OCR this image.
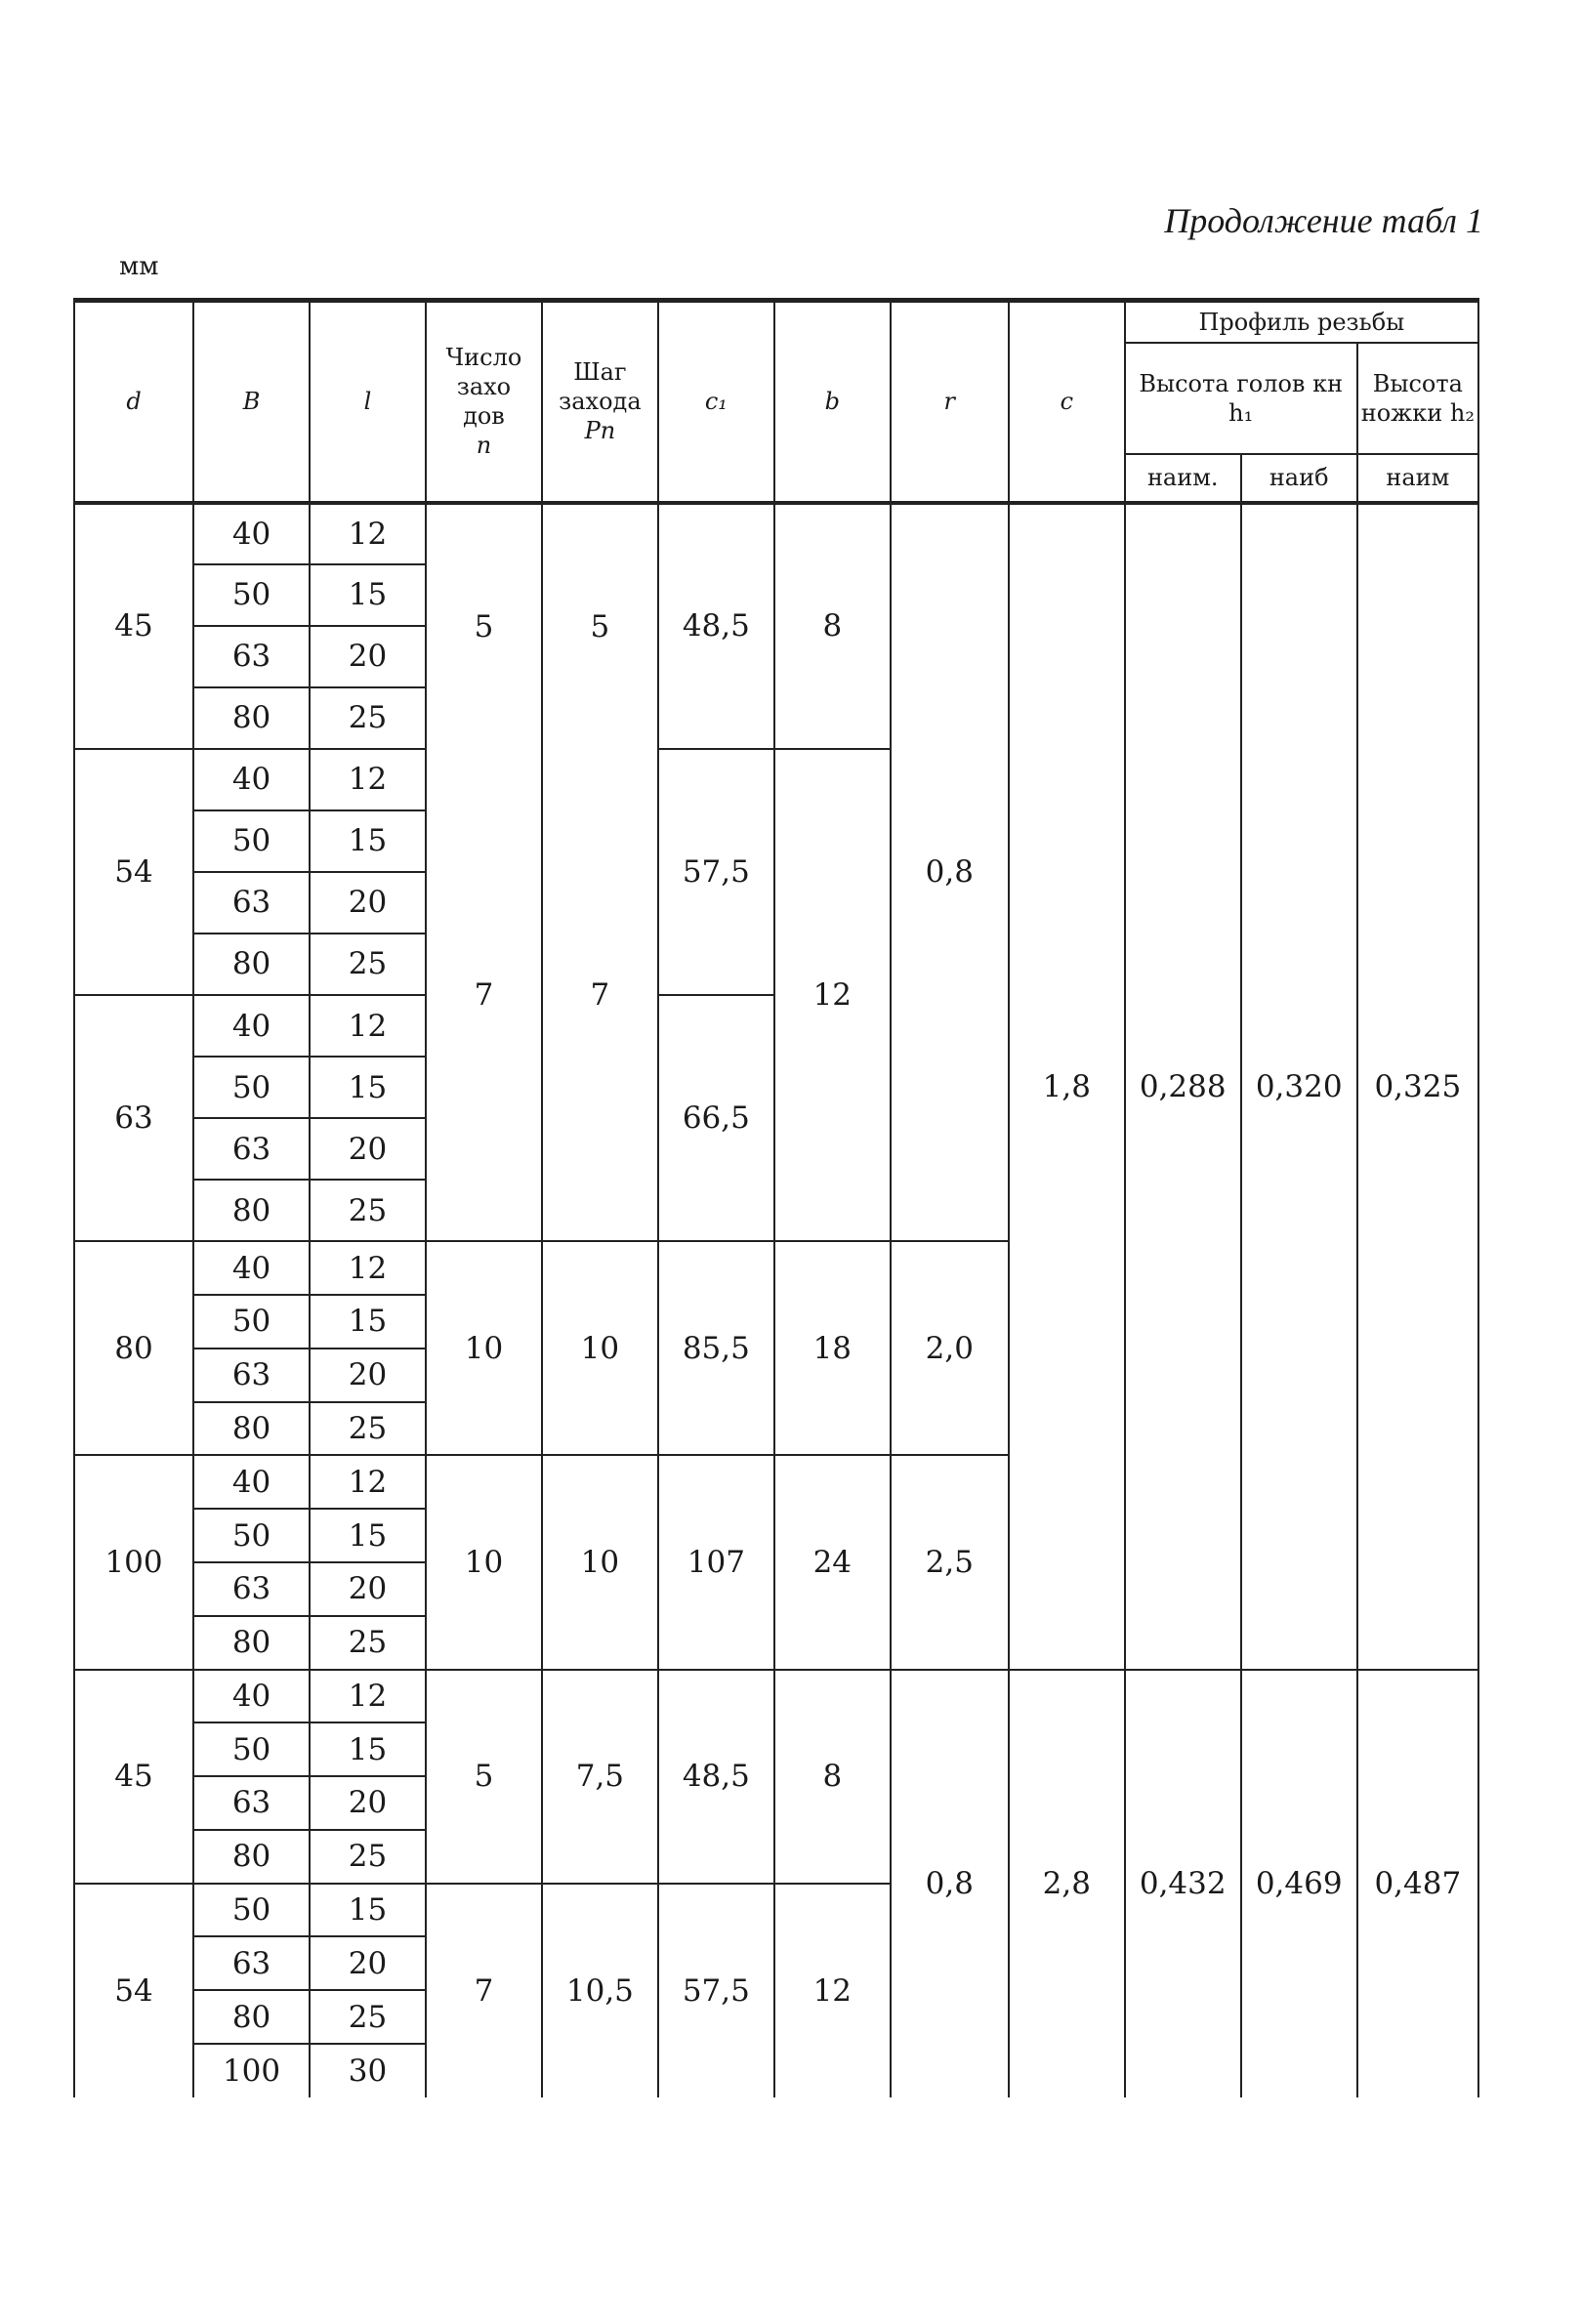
Продолжение табл 1
мм
d	B	l	Число
захо
дов
n	Шаг
захода
Pn	c₁	b	r	c	Профиль резьбы		
									Высота голов кн h₁		Высота ножки h₂
									наим.	наиб	наим
45	40	12	5	5	48,5	8	0,8	1,8	0,288	0,320	0,325
	50	15									
	63	20									
	80	25									
54	40	12	7	7	57,5	12					
	50	15									
	63	20									
	80	25									
63	40	12			66,5						
	50	15									
	63	20									
	80	25									
80	40	12	10	10	85,5	18	2,0				
	50	15									
	63	20									
	80	25									
100	40	12	10	10	107	24	2,5				
	50	15									
	63	20									
	80	25									
45	40	12	5	7,5	48,5	8	0,8	2,8	0,432	0,469	0,487
	50	15									
	63	20									
	80	25									
54	50	15	7	10,5	57,5	12					
	63	20									
	80	25									
	100	30									
